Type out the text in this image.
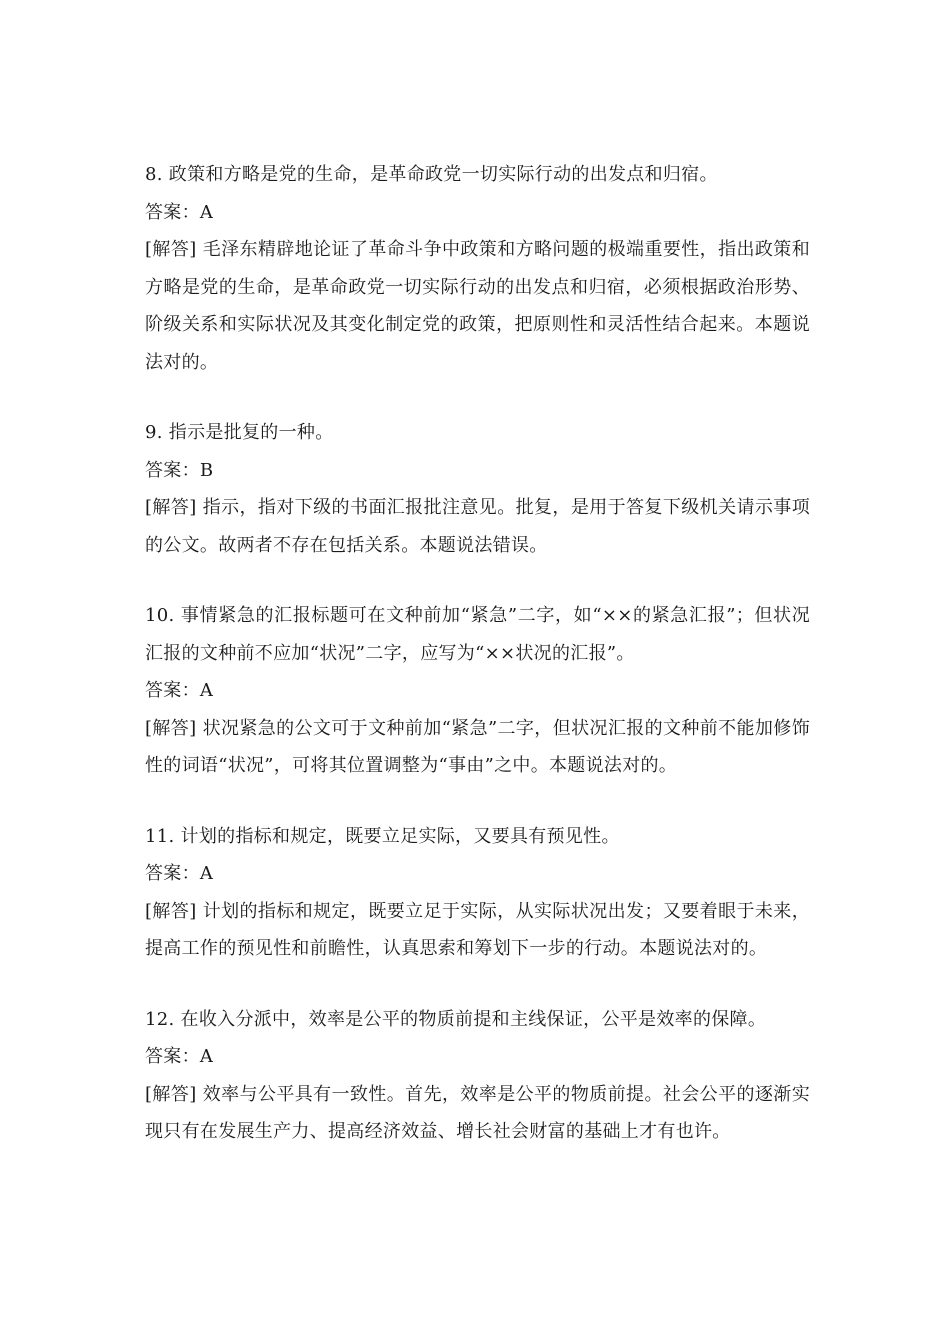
8. 政策和方略是党的生命，是革命政党一切实际行动的出发点和归宿。

答案：A

[解答] 毛泽东精辟地论证了革命斗争中政策和方略问题的极端重要性，指出政策和方略是党的生命，是革命政党一切实际行动的出发点和归宿，必须根据政治形势、阶级关系和实际状况及其变化制定党的政策，把原则性和灵活性结合起来。本题说法对的。

9. 指示是批复的一种。

答案：B

[解答] 指示，指对下级的书面汇报批注意见。批复，是用于答复下级机关请示事项的公文。故两者不存在包括关系。本题说法错误。

10. 事情紧急的汇报标题可在文种前加“紧急”二字，如“××的紧急汇报”；但状况汇报的文种前不应加“状况”二字，应写为“××状况的汇报”。

答案：A

[解答] 状况紧急的公文可于文种前加“紧急”二字，但状况汇报的文种前不能加修饰性的词语“状况”，可将其位置调整为“事由”之中。本题说法对的。

11. 计划的指标和规定，既要立足实际，又要具有预见性。

答案：A

[解答] 计划的指标和规定，既要立足于实际，从实际状况出发；又要着眼于未来，提高工作的预见性和前瞻性，认真思索和筹划下一步的行动。本题说法对的。

12. 在收入分派中，效率是公平的物质前提和主线保证，公平是效率的保障。

答案：A

[解答] 效率与公平具有一致性。首先，效率是公平的物质前提。社会公平的逐渐实现只有在发展生产力、提高经济效益、增长社会财富的基础上才有也许。
